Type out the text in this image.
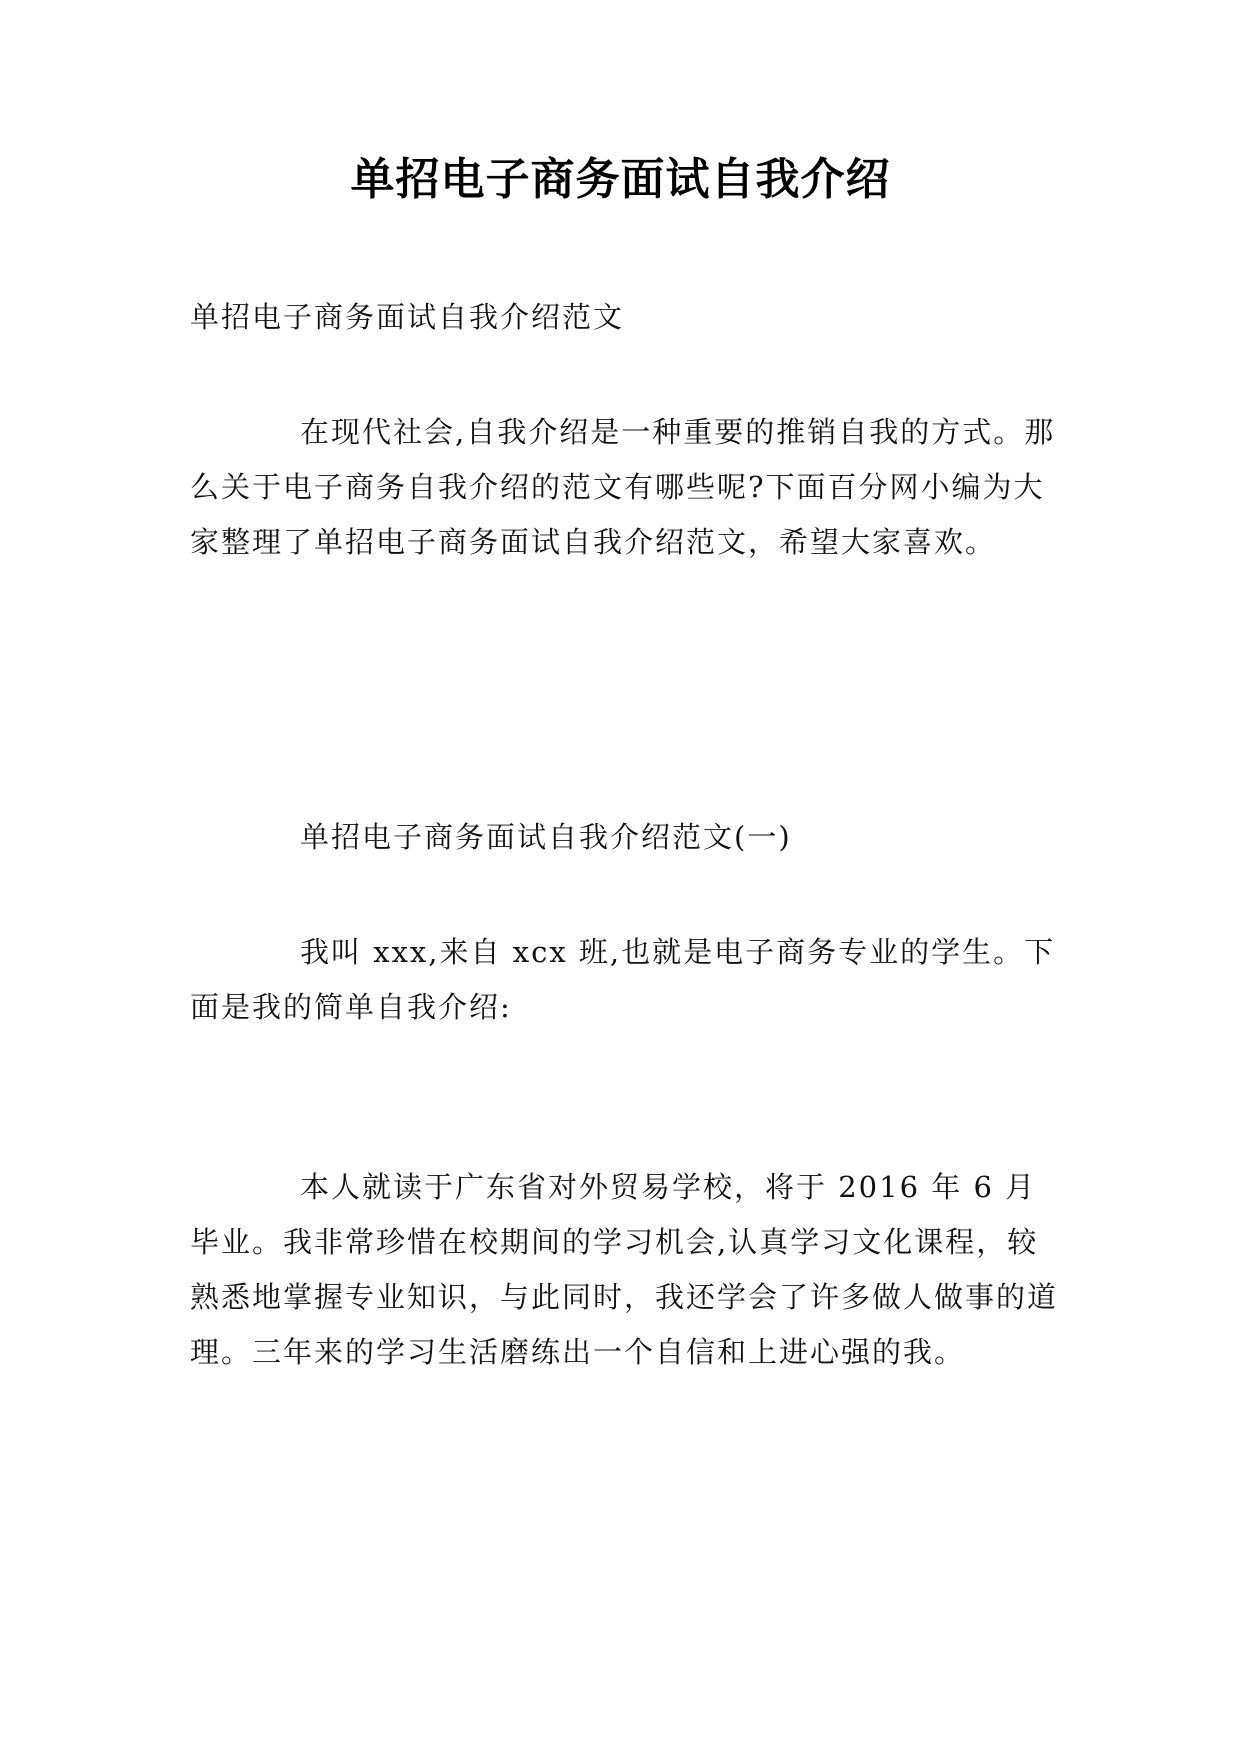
单招电子商务面试自我介绍

单招电子商务面试自我介绍范文

在现代社会,自我介绍是一种重要的推销自我的方式。那么关于电子商务自我介绍的范文有哪些呢?下面百分网小编为大家整理了单招电子商务面试自我介绍范文，希望大家喜欢。

单招电子商务面试自我介绍范文(一)

我叫 xxx,来自 xcx 班,也就是电子商务专业的学生。下面是我的简单自我介绍:

本人就读于广东省对外贸易学校，将于 2016 年 6 月毕业。我非常珍惜在校期间的学习机会,认真学习文化课程，较熟悉地掌握专业知识，与此同时，我还学会了许多做人做事的道理。三年来的学习生活磨练出一个自信和上进心强的我。
